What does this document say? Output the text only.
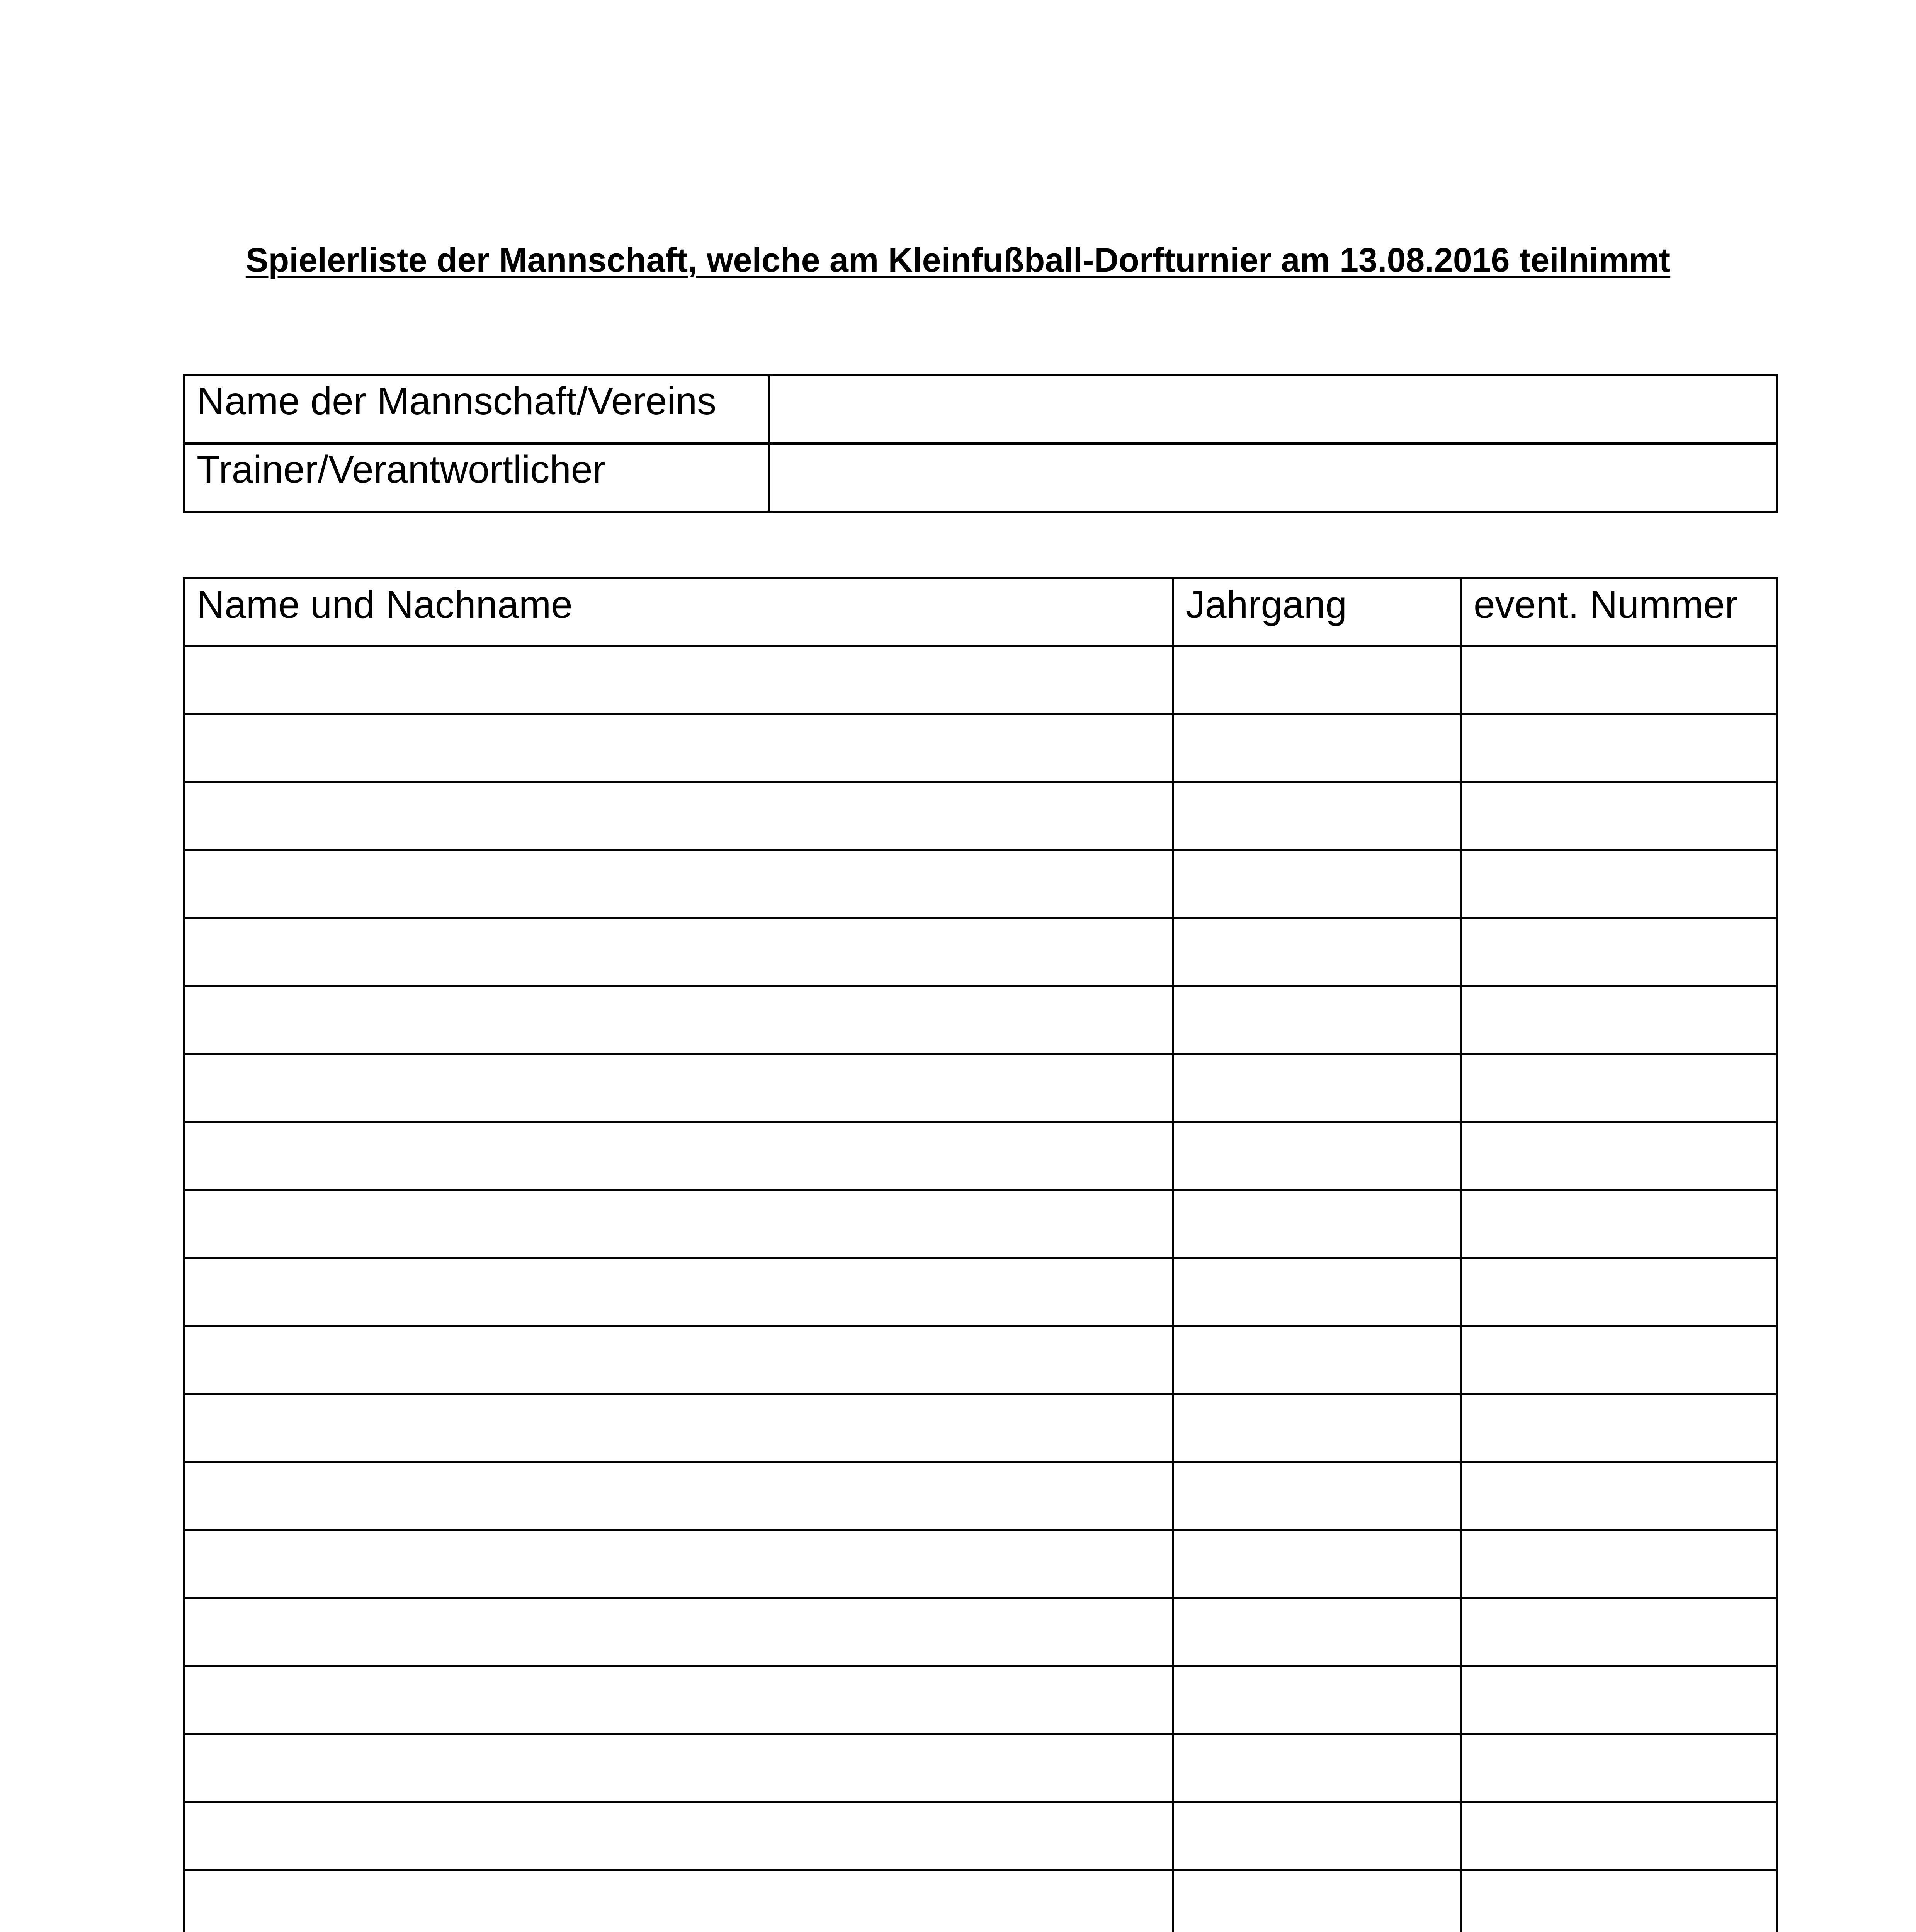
Spielerliste der Mannschaft, welche am Kleinfußball-Dorfturnier am 13.08.2016 teilnimmt
Name der Mannschaft/Vereins	
Trainer/Verantwortlicher	
Name und Nachname	Jahrgang	event. Nummer
